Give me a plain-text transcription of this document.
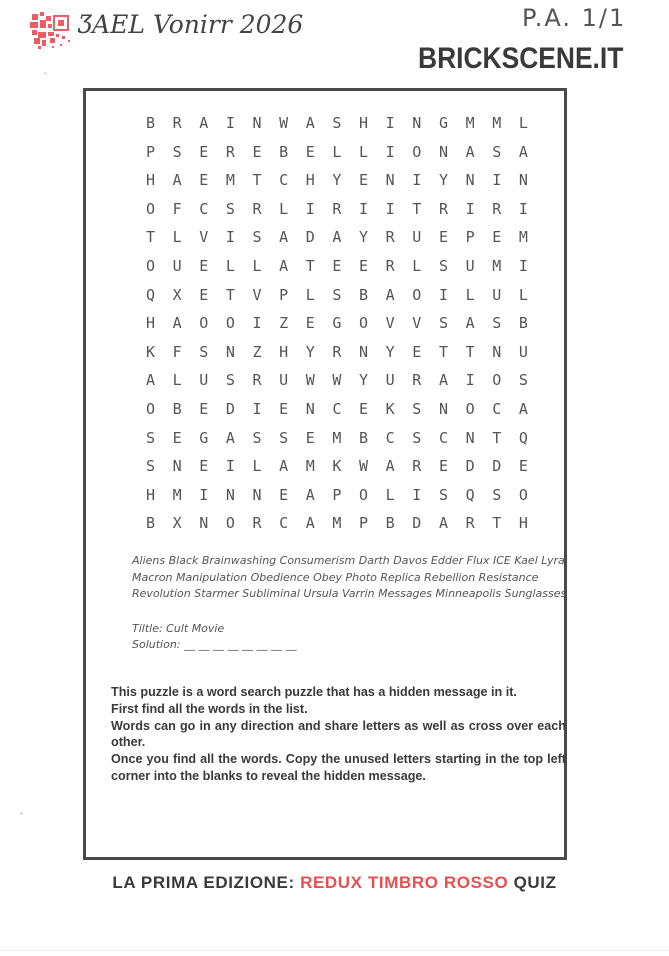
ƷAEL Vonirr 2026	P.A. 1/1
BRICKSCENE.IT
BRAINWASHINGMML
PSEREBELLIONASA
HAEMTCHYENIYNIN
OFCSRLIRIITRIRI
TLVISADAYRUEPEM
OUELLATEERLSUMI
QXETVPLSBAOILUL
HAOOIZEGOVVSASB
KFSNZHYRNYETTNU
ALUSRUWWYURAIOS
OBEDIENCEKSNOCA
SEGASSEMBCSCNTQ
SNEILAMKWAREDDE
HMINNEAPOLISQSO
BXNORCAMPBDARTH
Aliens Black Brainwashing Consumerism Darth Davos Edder Flux ICE Kael Lyra
Macron Manipulation Obedience Obey Photo Replica Rebellion Resistance
Revolution Starmer Subliminal Ursula Varrin Messages Minneapolis Sunglasses
Tiltle: Cult Movie
Solution: __ __ __ __ __ __ __ __
This puzzle is a word search puzzle that has a hidden message in it.
First find all the words in the list.
Words can go in any direction and share letters as well as cross over each other.
Once you find all the words. Copy the unused letters starting in the top left corner into the blanks to reveal the hidden message.
LA PRIMA EDIZIONE: REDUX TIMBRO ROSSO QUIZ
